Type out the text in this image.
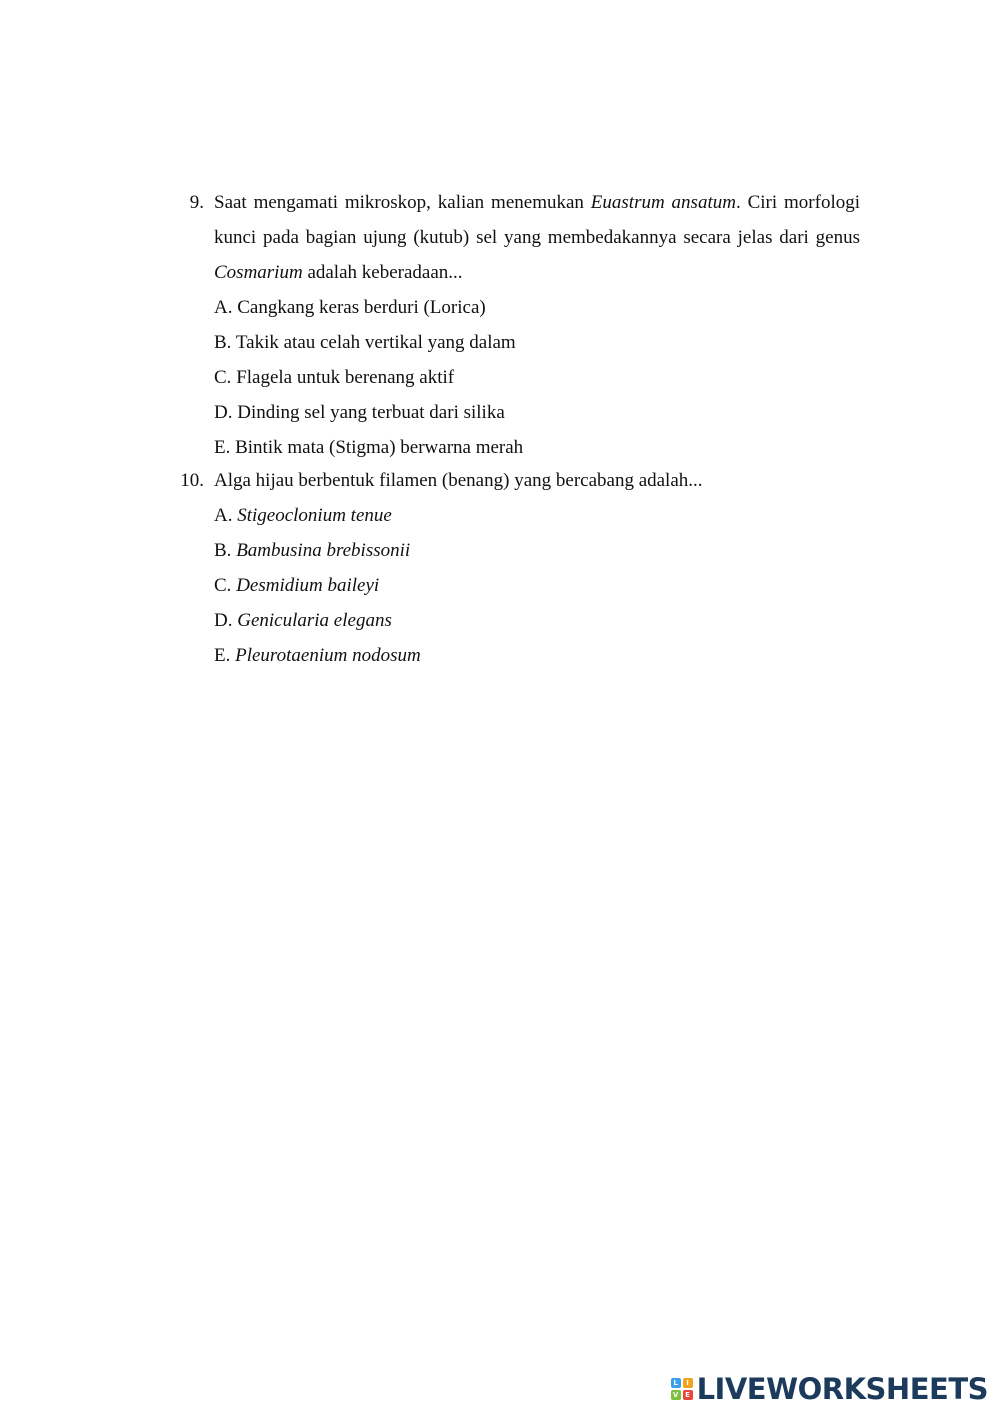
9. Saat mengamati mikroskop, kalian menemukan Euastrum ansatum. Ciri morfologi kunci pada bagian ujung (kutub) sel yang membedakannya secara jelas dari genus Cosmarium adalah keberadaan...
A. Cangkang keras berduri (Lorica)
B. Takik atau celah vertikal yang dalam
C. Flagela untuk berenang aktif
D. Dinding sel yang terbuat dari silika
E. Bintik mata (Stigma) berwarna merah
10. Alga hijau berbentuk filamen (benang) yang bercabang adalah...
A. Stigeoclonium tenue
B. Bambusina brebissonii
C. Desmidium baileyi
D. Genicularia elegans
E. Pleurotaenium nodosum
L	I
V E LIVEWORKSHEETS
